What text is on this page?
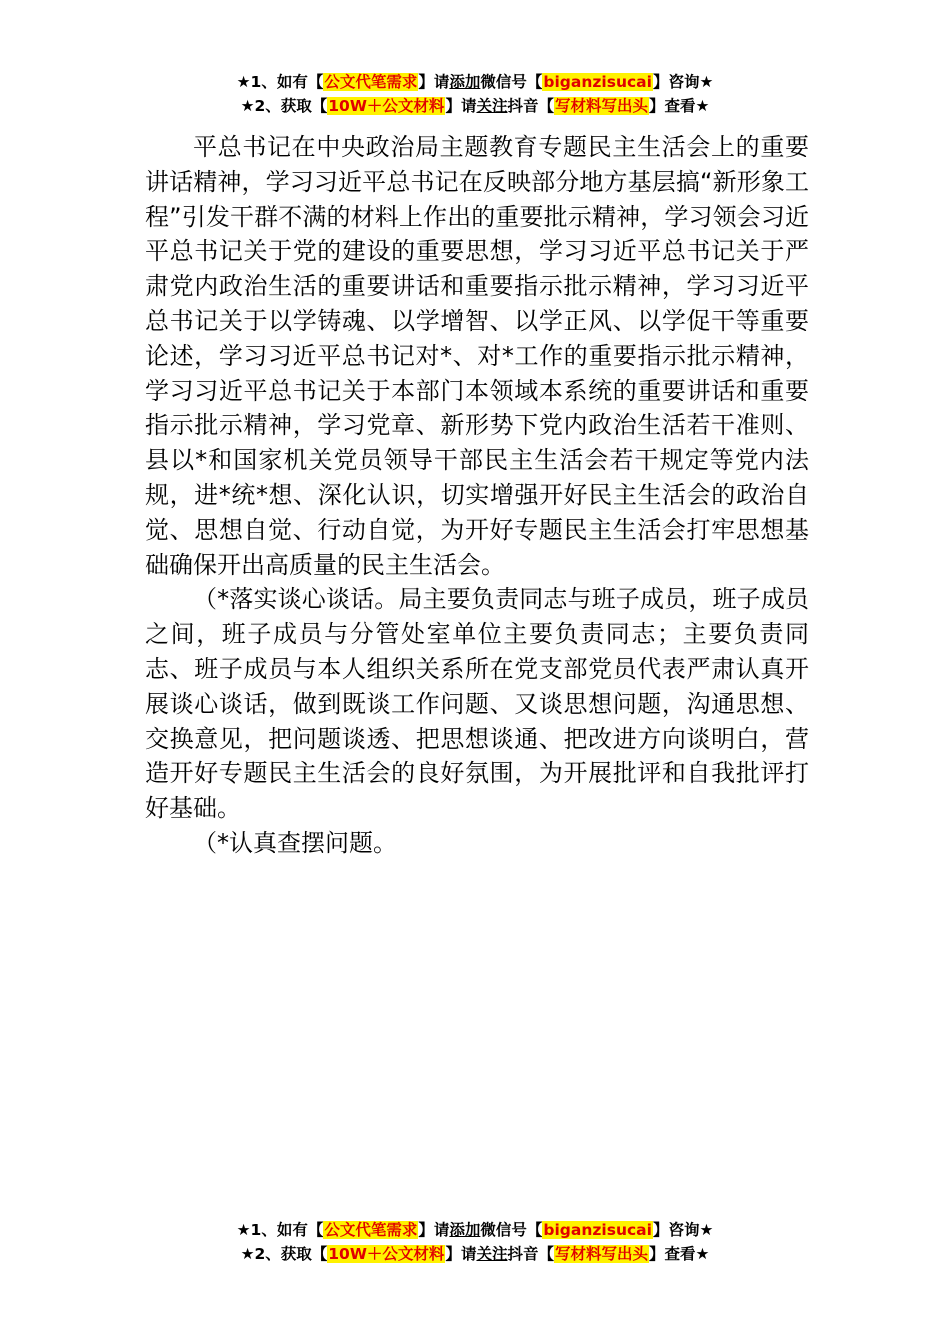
★1、如有【公文代笔需求】请添加微信号【biganzisucai】咨询★
★2、获取【10W＋公文材料】请关注抖音【写材料写出头】查看★

平总书记在中央政治局主题教育专题民主生活会上的重要讲话精神，学习习近平总书记在反映部分地方基层搞“新形象工程”引发干群不满的材料上作出的重要批示精神，学习领会习近平总书记关于党的建设的重要思想，学习习近平总书记关于严肃党内政治生活的重要讲话和重要指示批示精神，学习习近平总书记关于以学铸魂、以学增智、以学正风、以学促干等重要论述，学习习近平总书记对*、对*工作的重要指示批示精神，学习习近平总书记关于本部门本领域本系统的重要讲话和重要指示批示精神，学习党章、新形势下党内政治生活若干准则、县以*和国家机关党员领导干部民主生活会若干规定等党内法规，进*统*想、深化认识，切实增强开好民主生活会的政治自觉、思想自觉、行动自觉，为开好专题民主生活会打牢思想基础确保开出高质量的民主生活会。

（*落实谈心谈话。局主要负责同志与班子成员，班子成员之间，班子成员与分管处室单位主要负责同志；主要负责同志、班子成员与本人组织关系所在党支部党员代表严肃认真开展谈心谈话，做到既谈工作问题、又谈思想问题，沟通思想、交换意见，把问题谈透、把思想谈通、把改进方向谈明白，营造开好专题民主生活会的良好氛围，为开展批评和自我批评打好基础。

（*认真查摆问题。

★1、如有【公文代笔需求】请添加微信号【biganzisucai】咨询★
★2、获取【10W＋公文材料】请关注抖音【写材料写出头】查看★
